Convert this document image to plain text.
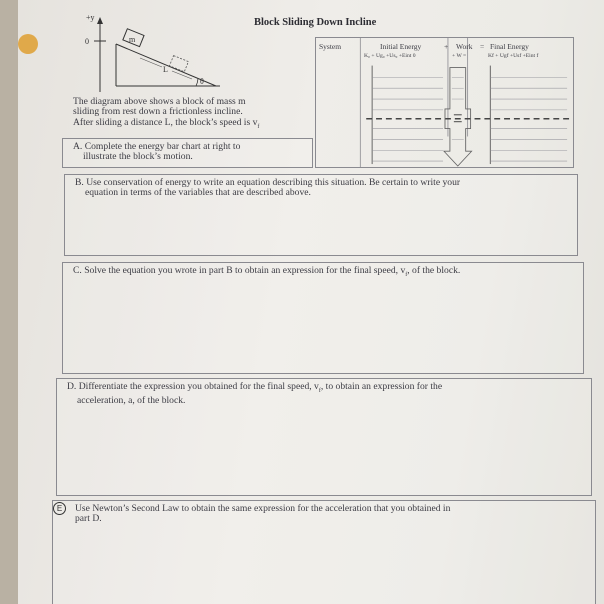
Block Sliding Down Incline
+y
0	m
L
θ
The diagram above shows a block of mass m
sliding from rest down a frictionless incline.
After sliding a distance L, the block’s speed is $v_f$
System	Initial Energy	+ Work = Final Energy
K₀ + Ug₀ +Us₀ +Eint 0	+ W =	Kf + Ugf +Usf +Eint f
A. Complete the energy bar chart at right to
illustrate the block’s motion.
B. Use conservation of energy to write an equation describing this situation. Be certain to write your
equation in terms of the variables that are described above.
C. Solve the equation you wrote in part B to obtain an expression for the final speed, $v_f$, of the block.
D. Differentiate the expression you obtained for the final speed, $v_f$, to obtain an expression for the
acceleration, a, of the block.
Use Newton’s Second Law to obtain the same expression for the acceleration that you obtained in
part D.
E
